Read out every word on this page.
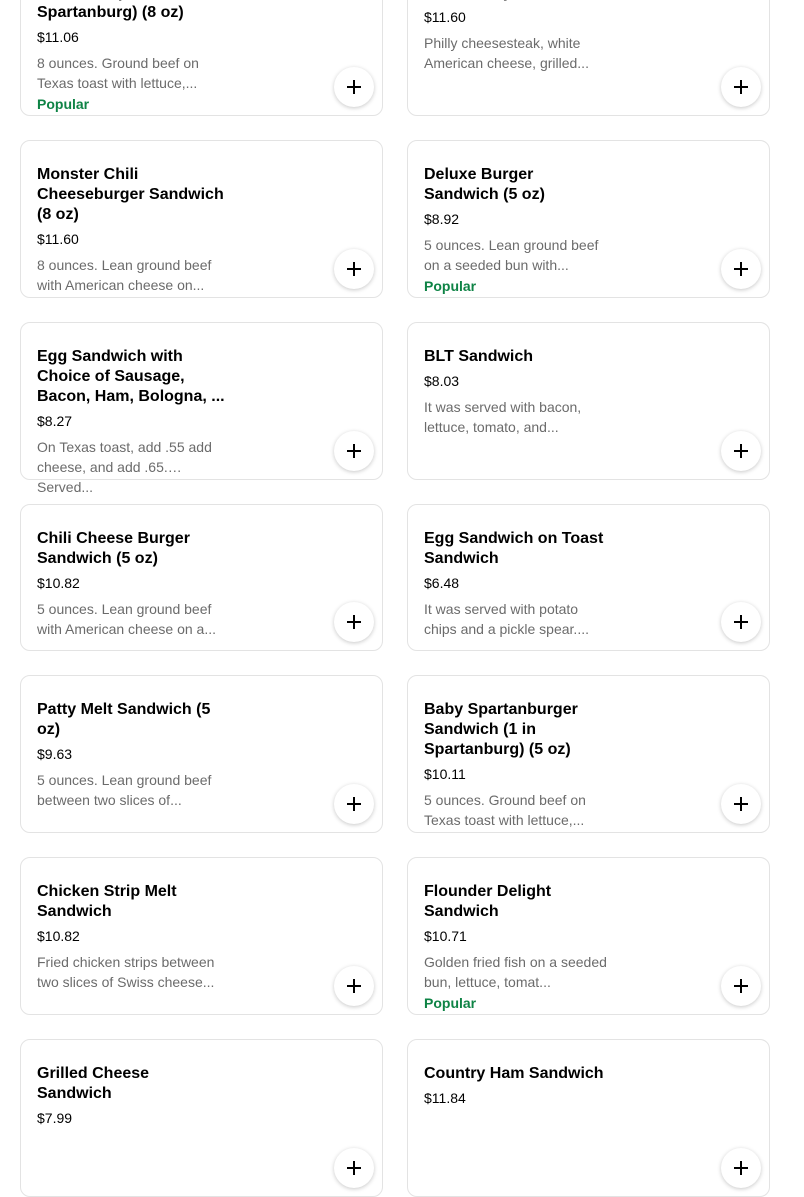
Spartanburg) (8 oz)
$11.06
8 ounces. Ground beef on Texas toast with lettuce,...
Popular
$11.60
Philly cheesesteak, white American cheese, grilled...
Monster Chili Cheeseburger Sandwich (8 oz)
$11.60
8 ounces. Lean ground beef with American cheese on...
Deluxe Burger Sandwich (5 oz)
$8.92
5 ounces. Lean ground beef on a seeded bun with...
Popular
Egg Sandwich with Choice of Sausage, Bacon, Ham, Bologna, ...
$8.27
On Texas toast, add .55 add cheese, and add .65. Served...
BLT Sandwich
$8.03
It was served with bacon, lettuce, tomato, and...
Chili Cheese Burger Sandwich (5 oz)
$10.82
5 ounces. Lean ground beef with American cheese on a...
Egg Sandwich on Toast Sandwich
$6.48
It was served with potato chips and a pickle spear....
Patty Melt Sandwich (5 oz)
$9.63
5 ounces. Lean ground beef between two slices of...
Baby Spartanburger Sandwich (1 in Spartanburg) (5 oz)
$10.11
5 ounces. Ground beef on Texas toast with lettuce,...
Chicken Strip Melt Sandwich
$10.82
Fried chicken strips between two slices of Swiss cheese...
Flounder Delight Sandwich
$10.71
Golden fried fish on a seeded bun, lettuce, tomat...
Popular
Grilled Cheese Sandwich
$7.99
Country Ham Sandwich
$11.84
